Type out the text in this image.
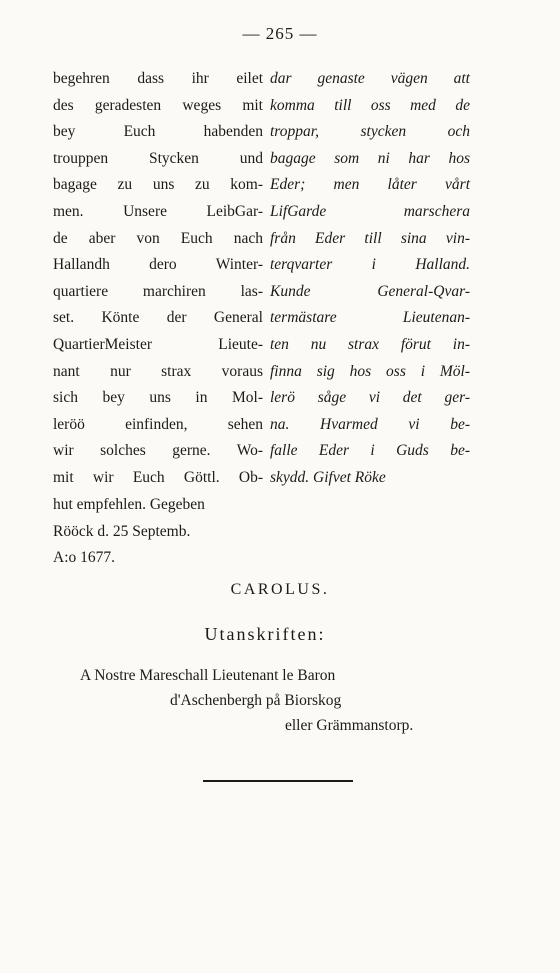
— 265 —
begehren dass ihr eilet
des geradesten weges mit
bey Euch habenden
trouppen Stycken und
bagage zu uns zu kom-
men. Unsere LeibGar-
de aber von Euch nach
Hallandh dero Winter-
quartiere marchiren las-
set. Könte der General
QuartierMeister Lieute-
nant nur strax voraus
sich bey uns in Mol-
leröö einfinden, sehen
wir solches gerne. Wo-
mit wir Euch Göttl. Ob-
dar genaste vägen att
komma till oss med de
troppar, stycken och
bagage som ni har hos
Eder; men låter vårt
LifGarde marschera
från Eder till sina vin-
terqvarter i Halland.
Kunde General-Qvar-
termästare Lieutenan-
ten nu strax förut in-
finna sig hos oss i Möl-
lerö såge vi det ger-
na. Hvarmed vi be-
falle Eder i Guds be-
skydd. Gifvet Röke
hut empfehlen. Gegeben
Rööck d. 25 Septemb.
A:o 1677.
CAROLUS.
Utanskriften:
A Nostre Mareschall Lieutenant le Baron
d'Aschenbergh på Biorskog
eller Grämmanstorp.
